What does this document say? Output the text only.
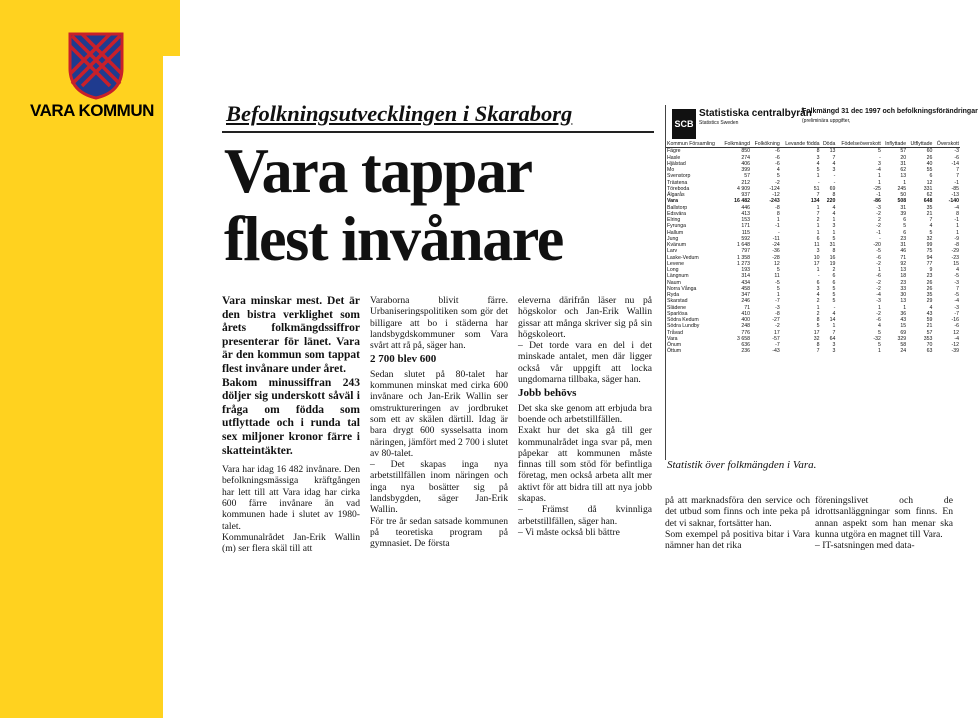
VARA KOMMUN	Befolkningsutvecklingen i Skaraborg
Vara tappar
flest invånare

Vara minskar mest. Det är den bistra verklighet som årets folkmängdssiffror presenterar för länet. Vara är den kommun som tappat flest invånare under året.

Bakom minussiffran 243 döljer sig underskott såväl i fråga om födda som utflyttade och i runda tal sex miljoner kronor färre i skatteintäkter.

Vara har idag 16 482 invånare. Den befolkningsmässiga kräftgången har lett till att Vara idag har cirka 600 färre invånare än vad kommunen hade i slutet av 1980-talet.

Kommunalrådet Jan-Erik Wallin (m) ser flera skäl till att

Varaborna blivit färre. Urbaniseringspolitiken som gör det billigare att bo i städerna har landsbygdskommuner som Vara svårt att rå på, säger han.

2 700 blev 600

Sedan slutet på 80-talet har kommunen minskat med cirka 600 invånare och Jan-Erik Wallin ser omstruktureringen av jordbruket som ett av skälen därtill. Idag är bara drygt 600 sysselsatta inom näringen, jämfört med 2 700 i slutet av 80-talet.

– Det skapas inga nya arbetstillfällen inom näringen och inga nya bosätter sig på landsbygden, säger Jan-Erik Wallin.

För tre år sedan satsade kommunen på teoretiska program på gymnasiet. De första

eleverna därifrån läser nu på högskolor och Jan-Erik Wallin gissar att många skriver sig på sin högskoleort.

– Det torde vara en del i det minskade antalet, men där ligger också vår uppgift att locka ungdomarna tillbaka, säger han.

Jobb behövs

Det ska ske genom att erbjuda bra boende och arbetstillfällen.

Exakt hur det ska gå till ger kommunalrådet inga svar på, men påpekar att kommunen måste finnas till som stöd för befintliga företag, men också arbeta allt mer aktivt för att bidra till att nya jobb skapas.

– Främst då kvinnliga arbetstillfällen, säger han.

– Vi måste också bli bättre

SCB
Statistiska centralbyrån
Statistics Sweden
Folkmängd 31 dec 1997 och befolkningsförändringar
(preliminära uppgifter,
Kommun Församling	Folkmängd	Folkökning	Levande födda	Döda	Födelseöverskott	Inflyttade	Utflyttade	Överskott
Fägre	850	-6	8	13	5	57	60	-3
Hasle	274	-6	3	7	-	20	26	-6
Hjälstad	406	-6	4	4	3	31	40	-14
Mo	399	4	5	3	-4	62	55	7
Svenstorp	57	5	1	-	1	13	6	7
Trästena	212	-2	-	-	1	1	12	-1
Töreboda	4 909	-124	51	69	-25	245	331	-85
Älgarås	937	-12	7	8	-1	50	62	-13
Vara	16 482	-243	134	220	-86	508	648	-140
Ballstorp	446	-8	1	4	-3	31	35	-4
Edsvära	413	8	7	4	-2	39	21	8
Elring	153	1	2	1	2	6	7	-1
Fyrunga	171	-1	1	3	-2	5	4	1
Hallum	115	-	1	1	-1	6	5	1
Jung	592	-11	6	5	-	23	32	-9
Kvänum	1 648	-24	11	31	-20	31	99	-8
Larv	797	-36	3	8	-5	46	75	-29
Laske-Vedum	1 358	-28	10	16	-6	71	94	-23
Levene	1 273	12	17	19	-2	92	77	15
Long	193	5	1	2	1	13	9	4
Längnum	314	11	-	6	-6	18	23	-5
Naum	434	-5	6	6	-2	23	26	-3
Norra Vånga	458	5	3	5	-2	33	26	7
Ryda	347	1	4	5	-4	30	35	-5
Skarstad	246	-7	2	5	-3	13	29	-4
Slädene	71	-3	1	-	1	1	4	-3
Sparlösa	410	-8	2	4	-2	36	43	-7
Södra Kedum	400	-27	8	14	-6	43	59	-16
Södra Lundby	248	-2	5	1	4	15	21	-6
Tråvad	776	17	17	7	5	69	57	12
Vara	3 658	-57	32	64	-32	329	353	-4
Önum	636	-7	8	3	5	58	70	-12
Öttum	236	-43	7	3	1	24	63	-39
Statistik över folkmängden i Vara.

på att marknadsföra den service och det utbud som finns och inte peka på det vi saknar, fortsätter han.

Som exempel på positiva bitar i Vara nämner han det rika

föreningslivet och de idrottsanläggningar som finns. En annan aspekt som han menar ska kunna utgöra en magnet till Vara.

– IT-satsningen med data-
